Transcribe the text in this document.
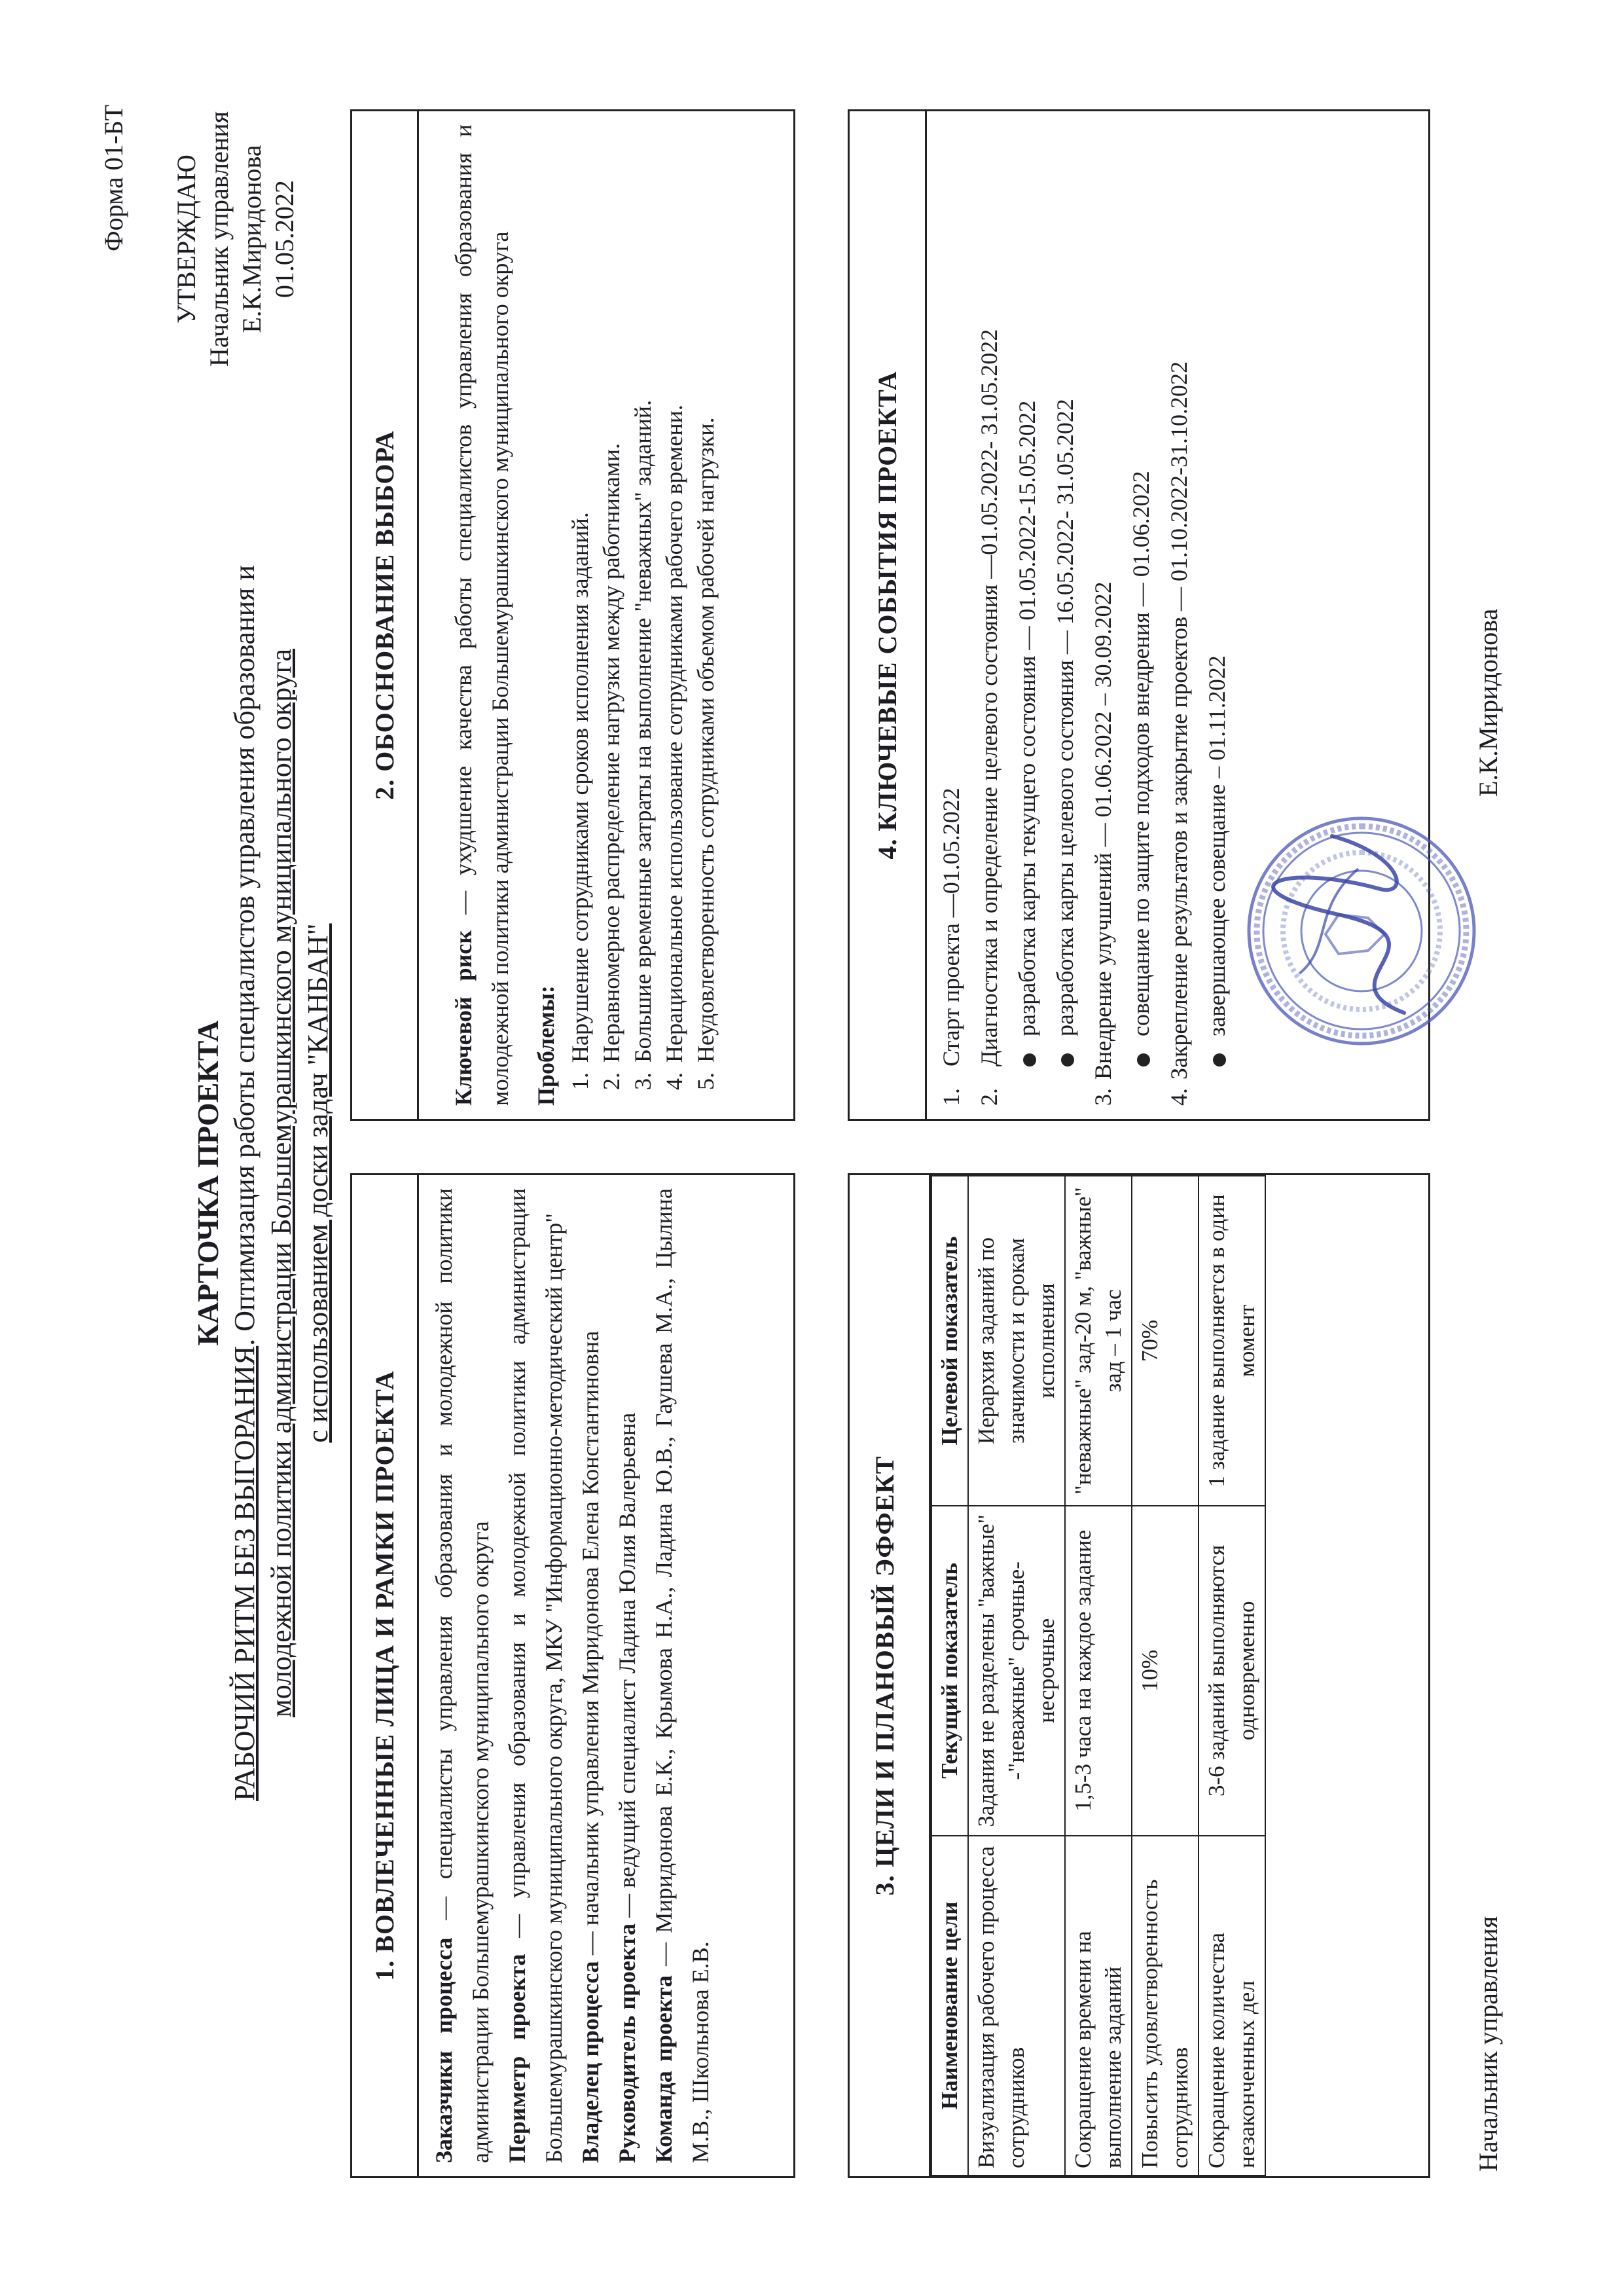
Форма 01-БТ УТВЕРЖДАЮ Начальник управления Е.К.Миридонова 01.05.2022
КАРТОЧКА ПРОЕКТА
РАБОЧИЙ РИТМ БЕЗ ВЫГОРАНИЯ. Оптимизация работы специалистов управления образования и молодежной политики администрации Большемурашкинского муниципального округа с использованием доски задач "КАНБАН"
1. ВОВЛЕЧЕННЫЕ ЛИЦА И РАМКИ ПРОЕКТА

Заказчики процесса — специалисты управления образования и молодежной политики администрации Большемурашкинского муниципального округа Периметр проекта — управления образования и молодежной политики администрации Большемурашкинского муниципального округа, МКУ "Информационно-методический центр" Владелец процесса — начальник управления Миридонова Елена Константиновна

Руководитель проекта — ведущий специалист Ладина Юлия Валерьевна

Команда проекта — Миридонова Е.К., Крымова Н.А., Ладина Ю.В., Гаушева М.А., Цылина М.В., Школьнова Е.В.

2. ОБОСНОВАНИЕ ВЫБОРА

Ключевой риск — ухудшение качества работы специалистов управления образования и молодежной политики администрации Большемурашкинского муниципального округа Проблемы: 1. Нарушение сотрудниками сроков исполнения заданий. 2. Неравномерное распределение нагрузки между работниками. 3. Большие временные затраты на выполнение "неважных" заданий. 4. Нерациональное использование сотрудниками рабочего времени. 5. Неудовлетворенность сотрудниками объемом рабочей нагрузки.
3. ЦЕЛИ И ПЛАНОВЫЙ ЭФФЕКТ
Наименование цели	Текущий показатель	Целевой показатель
Визуализация рабочего процесса сотрудников	Задания не разделены "важные" -"неважные" срочные-несрочные	Иерархия заданий по значимости и срокам исполнения
Сокращение времени на выполнение заданий	1,5-3 часа на каждое задание	"неважные" зад-20 м, "важные" зад – 1 час
Повысить удовлетворенность сотрудников	10%	70%
Сокращение количества незаконченных дел	3-6 заданий выполняются одновременно	1 задание выполняется в один момент
4. КЛЮЧЕВЫЕ СОБЫТИЯ ПРОЕКТА

1.Старт проекта —01.05.2022

2.Диагностика и определение целевого состояния —01.05.2022- 31.05.2022 разработка карты текущего состояния — 01.05.2022-15.05.2022 разработка карты целевого состояния — 16.05.2022- 31.05.2022

3.Внедрение улучшений — 01.06.2022 – 30.09.2022 совещание по защите подходов внедрения — 01.06.2022

4.Закрепление результатов и закрытие проектов — 01.10.2022-31.10.2022 завершающее совещание – 01.11.2022

Начальник управления
Е.К.Миридонова
